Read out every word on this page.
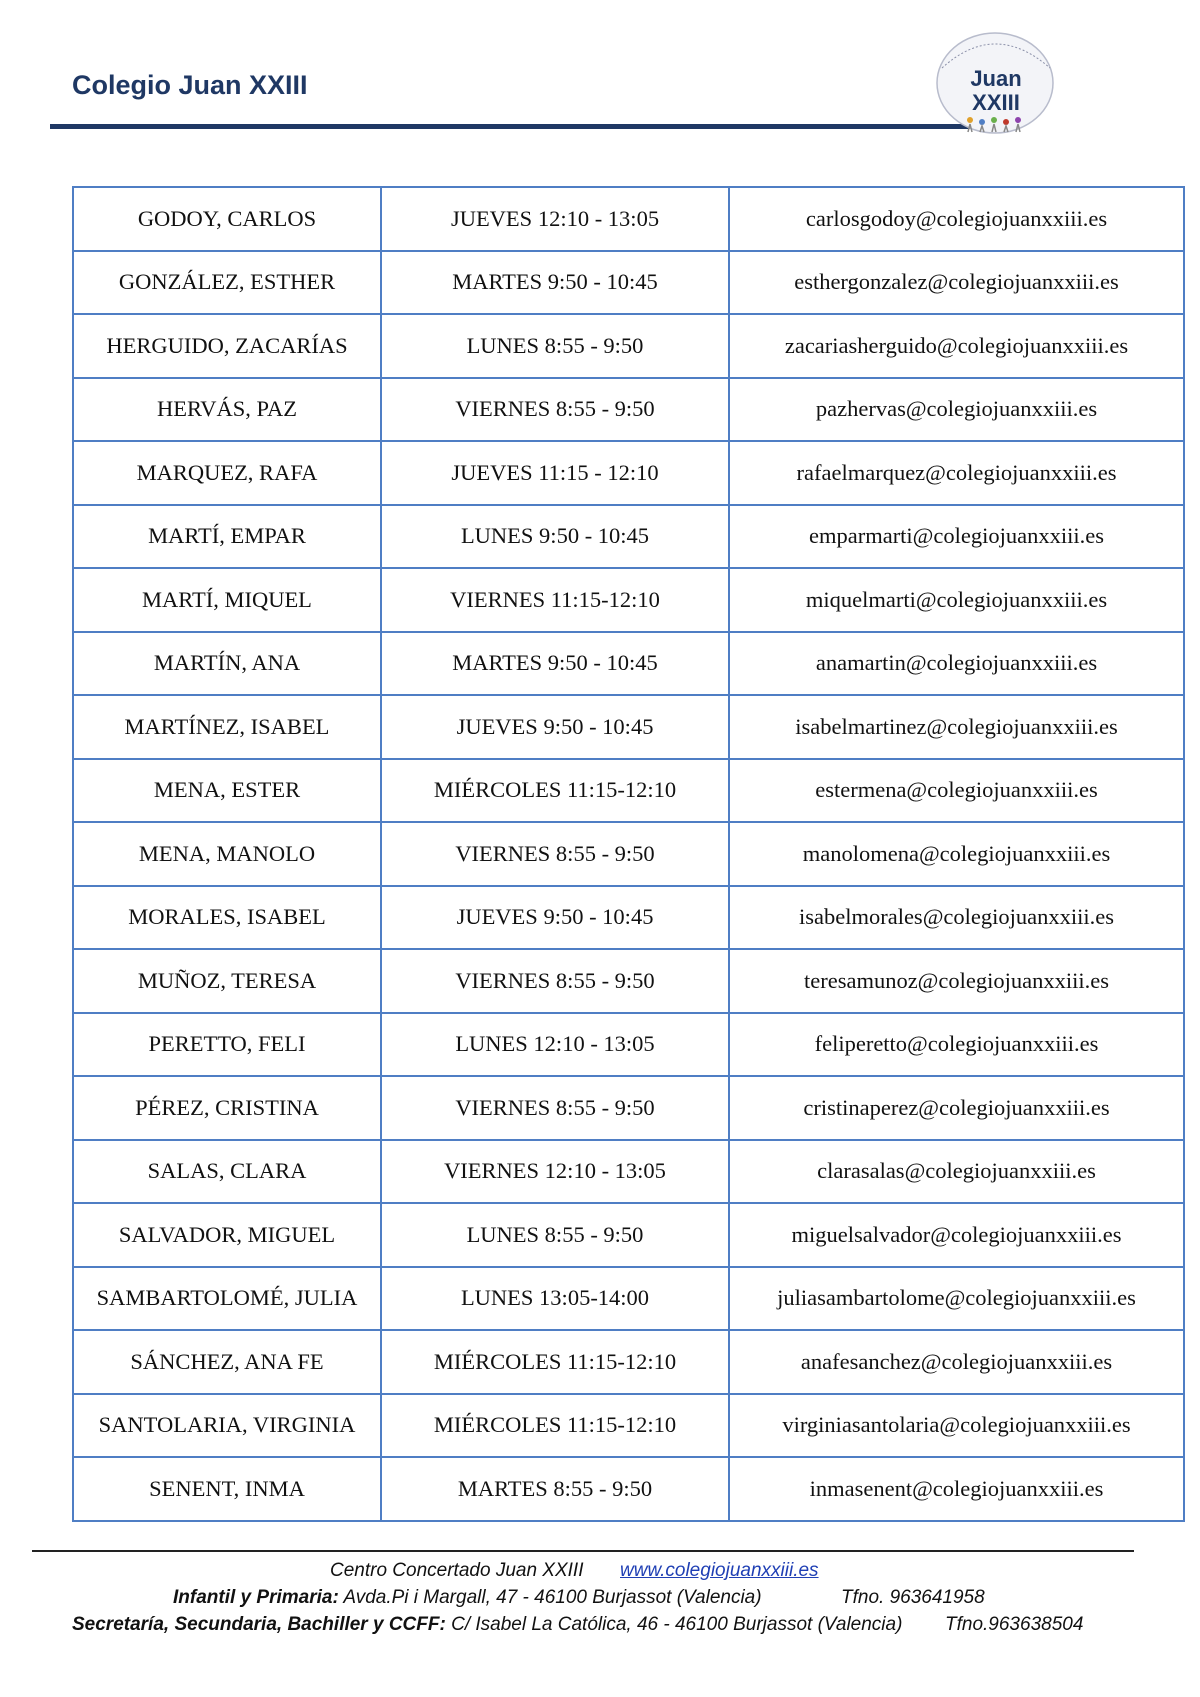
Colegio Juan XXIII	Juan
XXIII
GODOY, CARLOS	JUEVES 12:10 - 13:05	carlosgodoy@colegiojuanxxiii.es
GONZÁLEZ, ESTHER	MARTES 9:50 - 10:45	esthergonzalez@colegiojuanxxiii.es
HERGUIDO, ZACARÍAS	LUNES 8:55 - 9:50	zacariasherguido@colegiojuanxxiii.es
HERVÁS, PAZ	VIERNES 8:55 - 9:50	pazhervas@colegiojuanxxiii.es
MARQUEZ, RAFA	JUEVES 11:15 - 12:10	rafaelmarquez@colegiojuanxxiii.es
MARTÍ, EMPAR	LUNES 9:50 - 10:45	emparmarti@colegiojuanxxiii.es
MARTÍ, MIQUEL	VIERNES 11:15-12:10	miquelmarti@colegiojuanxxiii.es
MARTÍN, ANA	MARTES 9:50 - 10:45	anamartin@colegiojuanxxiii.es
MARTÍNEZ, ISABEL	JUEVES 9:50 - 10:45	isabelmartinez@colegiojuanxxiii.es
MENA, ESTER	MIÉRCOLES 11:15-12:10	estermena@colegiojuanxxiii.es
MENA, MANOLO	VIERNES 8:55 - 9:50	manolomena@colegiojuanxxiii.es
MORALES, ISABEL	JUEVES 9:50 - 10:45	isabelmorales@colegiojuanxxiii.es
MUÑOZ, TERESA	VIERNES 8:55 - 9:50	teresamunoz@colegiojuanxxiii.es
PERETTO, FELI	LUNES 12:10 - 13:05	feliperetto@colegiojuanxxiii.es
PÉREZ, CRISTINA	VIERNES 8:55 - 9:50	cristinaperez@colegiojuanxxiii.es
SALAS, CLARA	VIERNES 12:10 - 13:05	clarasalas@colegiojuanxxiii.es
SALVADOR, MIGUEL	LUNES 8:55 - 9:50	miguelsalvador@colegiojuanxxiii.es
SAMBARTOLOMÉ, JULIA	LUNES 13:05-14:00	juliasambartolome@colegiojuanxxiii.es
SÁNCHEZ, ANA FE	MIÉRCOLES 11:15-12:10	anafesanchez@colegiojuanxxiii.es
SANTOLARIA, VIRGINIA	MIÉRCOLES 11:15-12:10	virginiasantolaria@colegiojuanxxiii.es
SENENT, INMA	MARTES 8:55 - 9:50	inmasenent@colegiojuanxxiii.es
Centro Concertado Juan XXIII www.colegiojuanxxiii.es
Infantil y Primaria: Avda.Pi i Margall, 47 - 46100 Burjassot (Valencia)	Tfno. 963641958
Secretaría, Secundaria, Bachiller y CCFF: C/ Isabel La Católica, 46 - 46100 Burjassot (Valencia) Tfno.963638504
